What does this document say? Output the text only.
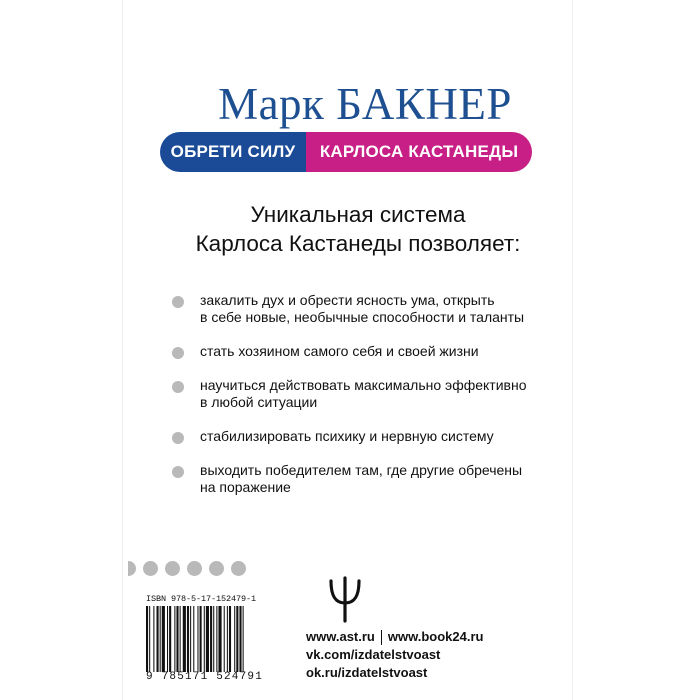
Марк БАКНЕР
ОБРЕТИ СИЛУ	КАРЛОСА КАСТАНЕДЫ
Уникальная система
Карлоса Кастанеды позволяет:
закалить дух и обрести ясность ума, открыть
в себе новые, необычные способности и таланты
стать хозяином самого себя и своей жизни
научиться действовать максимально эффективно
в любой ситуации
стабилизировать психику и нервную систему
выходить победителем там, где другие обречены
на поражение
ISBN 978-5-17-152479-1
9 785171 524791
www.ast.ru www.book24.ru
vk.com/izdatelstvoast
ok.ru/izdatelstvoast
